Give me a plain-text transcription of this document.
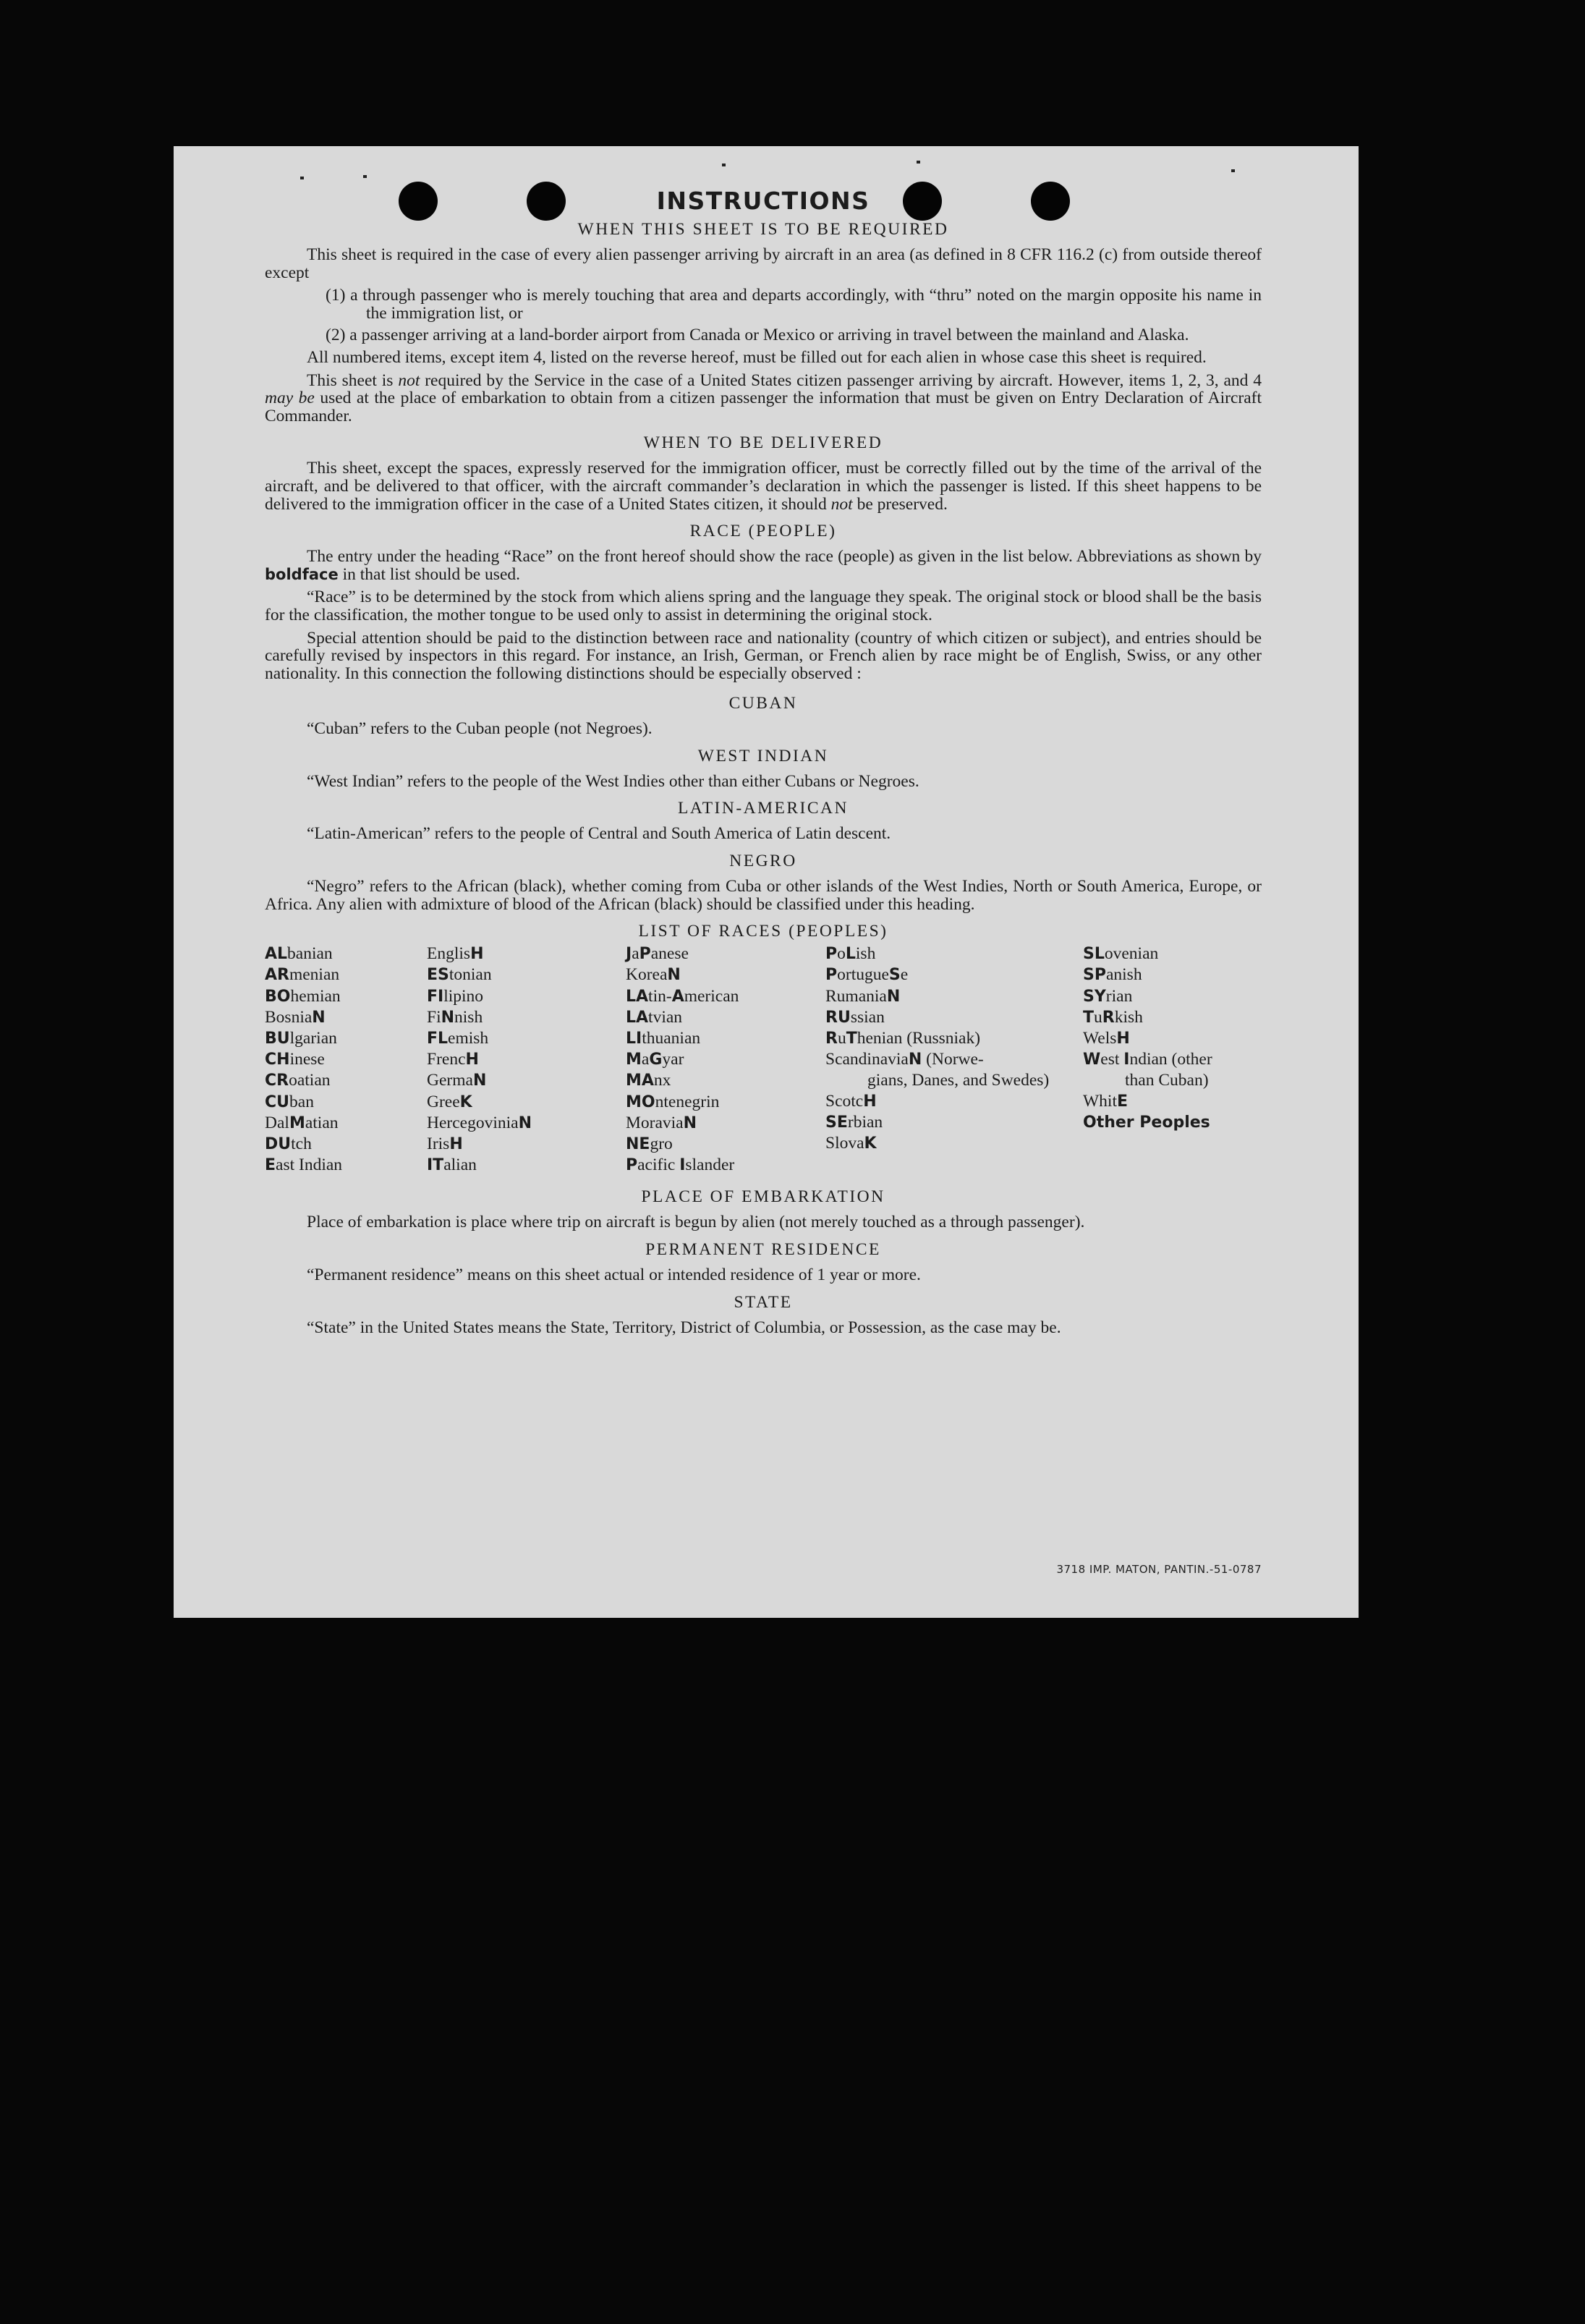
INSTRUCTIONS
WHEN THIS SHEET IS TO BE REQUIRED

This sheet is required in the case of every alien passenger arriving by aircraft in an area (as defined in 8 CFR 116.2 (c) from outside thereof except

(1) a through passenger who is merely touching that area and departs accordingly, with “thru” noted on the margin opposite his name in the immigration list, or

(2) a passenger arriving at a land-border airport from Canada or Mexico or arriving in travel between the mainland and Alaska.

All numbered items, except item 4, listed on the reverse hereof, must be filled out for each alien in whose case this sheet is required.

This sheet is not required by the Service in the case of a United States citizen passenger arriving by aircraft. However, items 1, 2, 3, and 4 may be used at the place of embarkation to obtain from a citizen passenger the information that must be given on Entry Declaration of Aircraft Commander.

WHEN TO BE DELIVERED

This sheet, except the spaces, expressly reserved for the immigration officer, must be correctly filled out by the time of the arrival of the aircraft, and be delivered to that officer, with the aircraft commander’s declaration in which the passenger is listed. If this sheet happens to be delivered to the immigration officer in the case of a United States citizen, it should not be preserved.

RACE (PEOPLE)

The entry under the heading “Race” on the front hereof should show the race (people) as given in the list below. Abbreviations as shown by boldface in that list should be used.

“Race” is to be determined by the stock from which aliens spring and the language they speak. The original stock or blood shall be the basis for the classification, the mother tongue to be used only to assist in determining the original stock.

Special attention should be paid to the distinction between race and nationality (country of which citizen or subject), and entries should be carefully revised by inspectors in this regard. For instance, an Irish, German, or French alien by race might be of English, Swiss, or any other nationality. In this connection the following distinctions should be especially observed :

CUBAN

“Cuban” refers to the Cuban people (not Negroes).

WEST INDIAN

“West Indian” refers to the people of the West Indies other than either Cubans or Negroes.

LATIN-AMERICAN

“Latin-American” refers to the people of Central and South America of Latin descent.

NEGRO

“Negro” refers to the African (black), whether coming from Cuba or other islands of the West Indies, North or South America, Europe, or Africa. Any alien with admixture of blood of the African (black) should be classified under this heading.

LIST OF RACES (PEOPLES)
ALbanian
ARmenian
BOhemian
BosniaN
BUlgarian
CHinese
CRoatian
CUban
DalMatian
DUtch
East Indian
EnglisH
EStonian
FIlipino
FiNnish
FLemish
FrencH
GermaN
GreeK
HercegoviniaN
IrisH
ITalian
JaPanese
KoreaN
LAtin-American
LAtvian
LIthuanian
MaGyar
MAnx
MOntenegrin
MoraviaN
NEgro
Pacific Islander
PoLish
PortugueSe
RumaniaN
RUssian
RuThenian (Russniak)
ScandinaviaN (Norwe-
gians, Danes, and Swedes)
ScotcH
SErbian
SlovaK
SLovenian
SPanish
SYrian
TuRkish
WelsH
West Indian (other
than Cuban)
WhitE
Other Peoples
PLACE OF EMBARKATION

Place of embarkation is place where trip on aircraft is begun by alien (not merely touched as a through passenger).

PERMANENT RESIDENCE

“Permanent residence” means on this sheet actual or intended residence of 1 year or more.

STATE

“State” in the United States means the State, Territory, District of Columbia, or Possession, as the case may be.

3718 IMP. MATON, PANTIN.-51-0787
